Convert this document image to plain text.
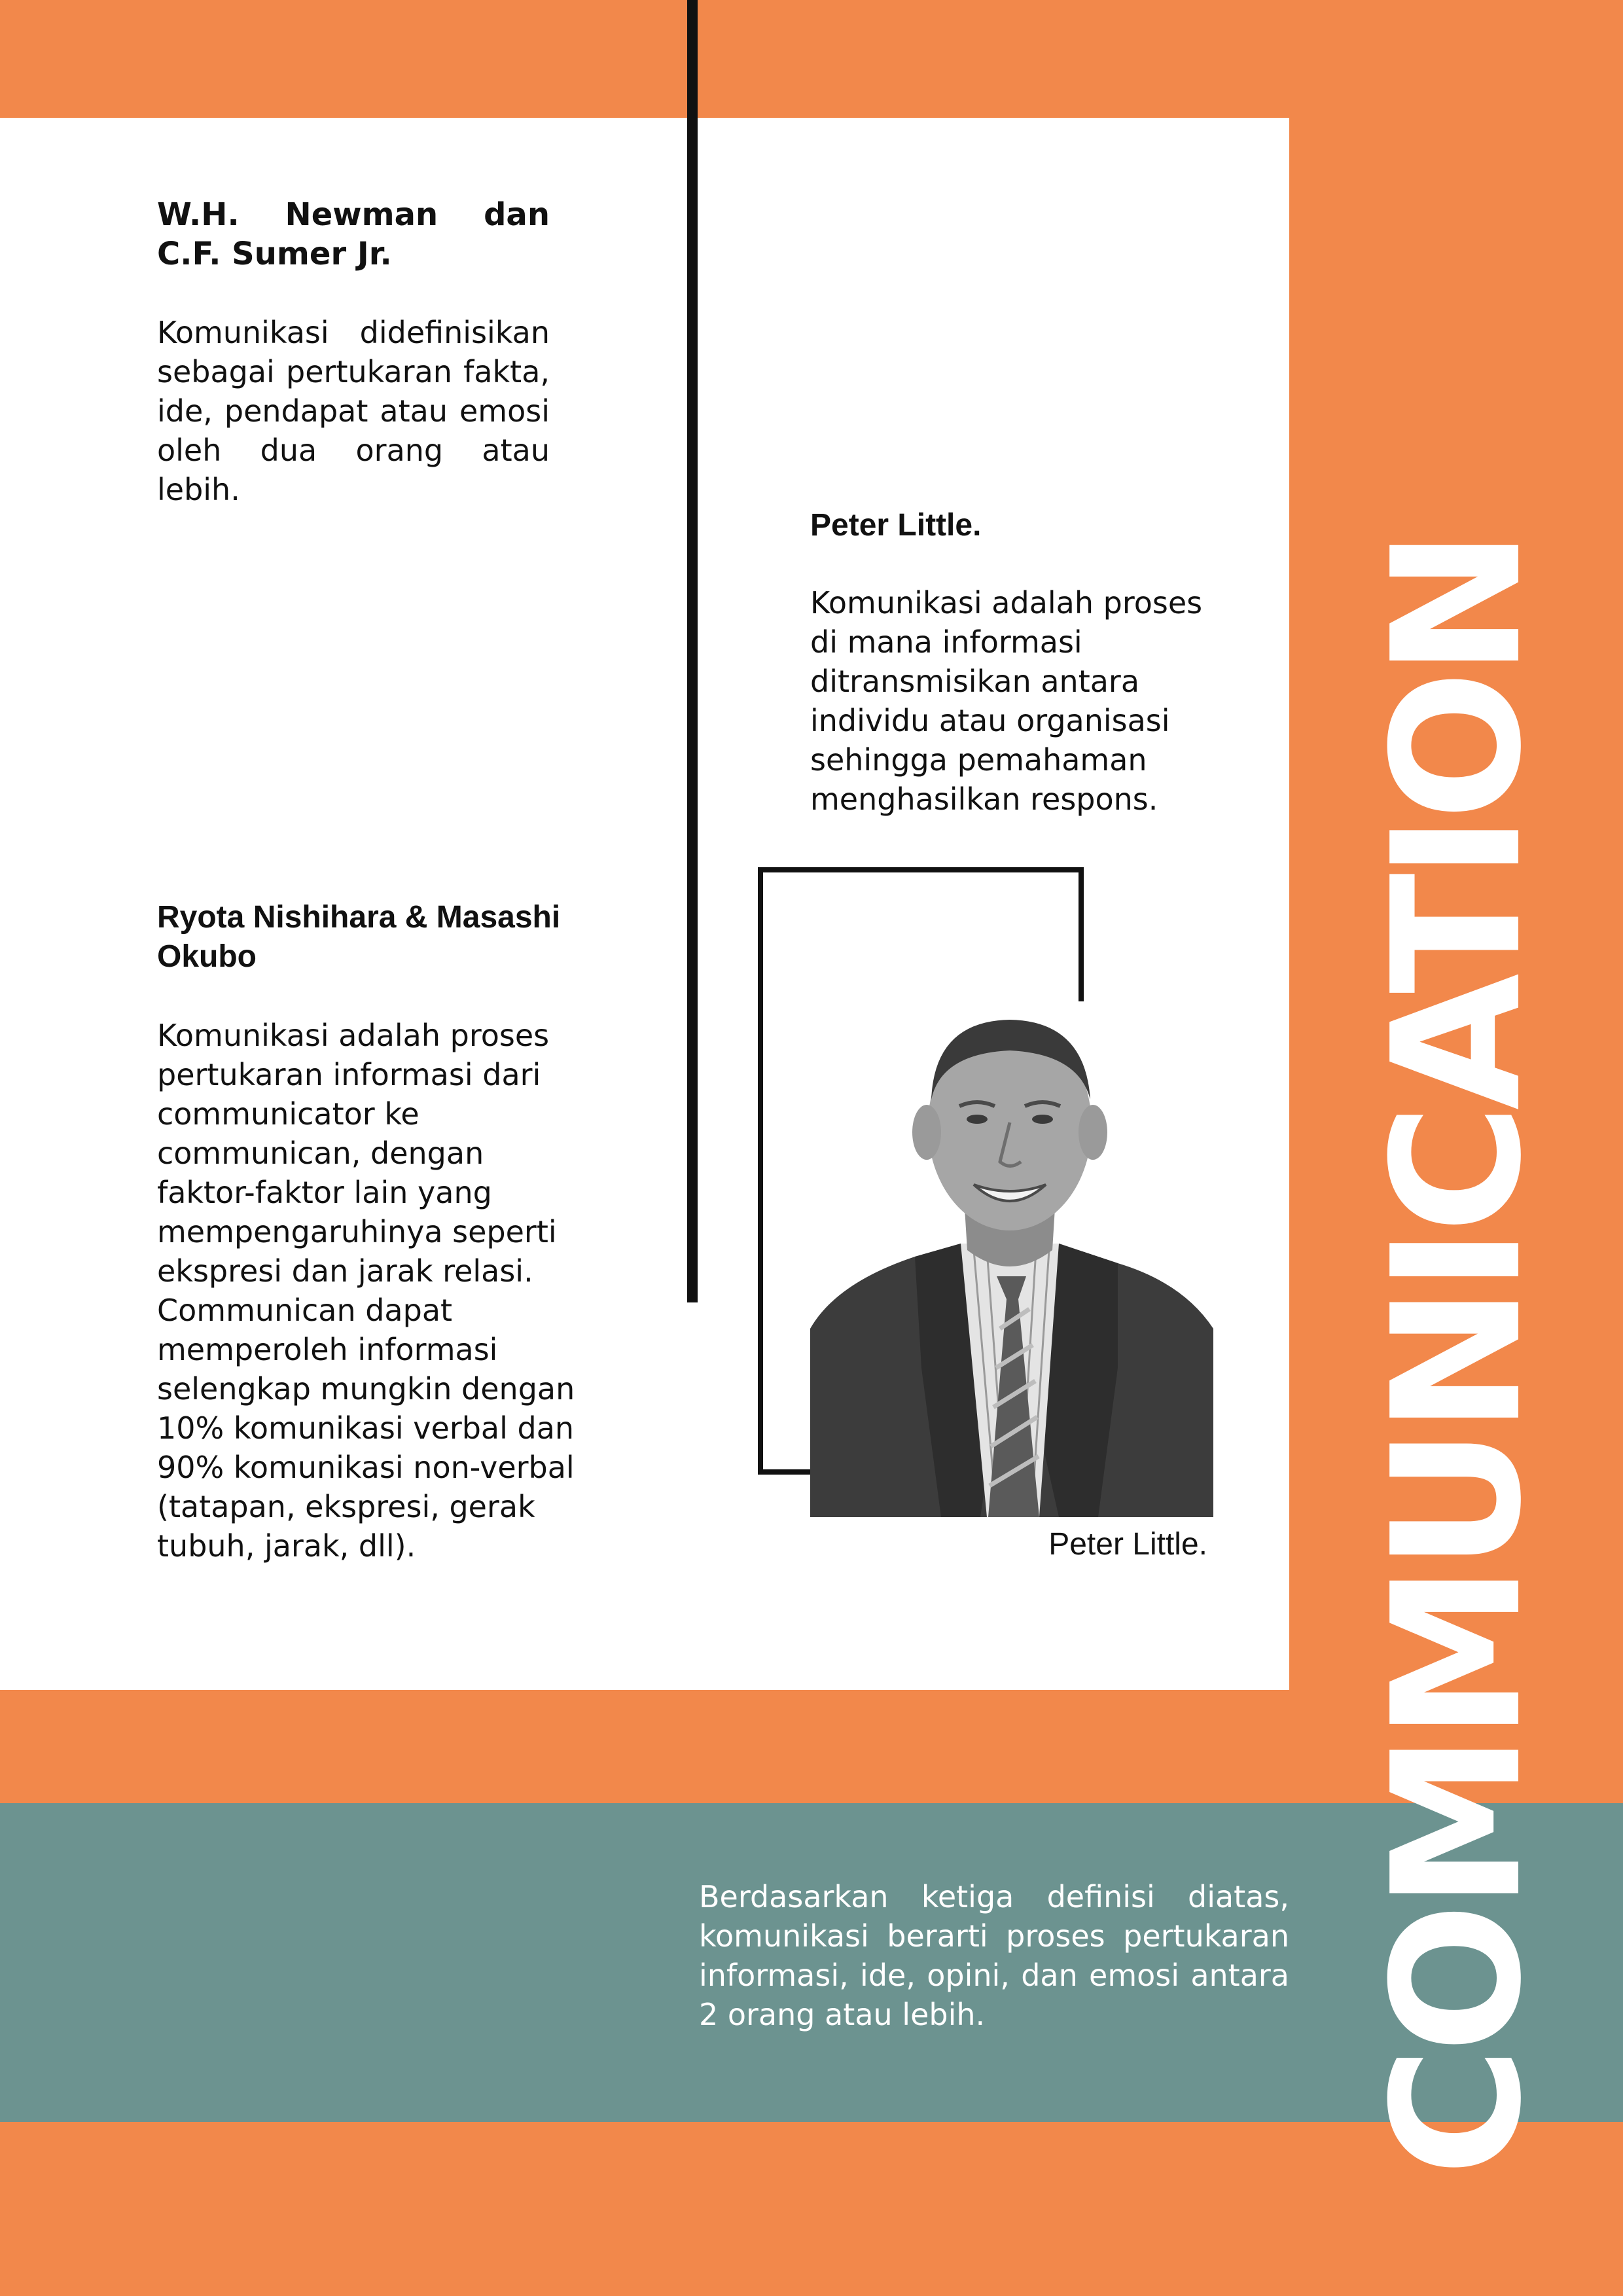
W.H. Newman dan C.F. Sumer Jr.

Komunikasi didefinisikan sebagai pertukaran fakta, ide, pendapat atau emosi oleh dua orang atau lebih.

Peter Little.

Komunikasi adalah proses di mana informasi ditransmisikan antara individu atau organisasi sehingga pemahaman menghasilkan respons.

Ryota Nishihara & Masashi Okubo

Komunikasi adalah proses pertukaran informasi dari communicator ke communican, dengan faktor-faktor lain yang mempengaruhinya seperti ekspresi dan jarak relasi. Communican dapat memperoleh informasi selengkap mungkin dengan 10% komunikasi verbal dan 90% komunikasi non-verbal (tatapan, ekspresi, gerak tubuh, jarak, dll).	Peter Little.

Berdasarkan ketiga definisi diatas, komunikasi berarti proses pertukaran informasi, ide, opini, dan emosi antara 2 orang atau lebih.	COMMUNICATION
